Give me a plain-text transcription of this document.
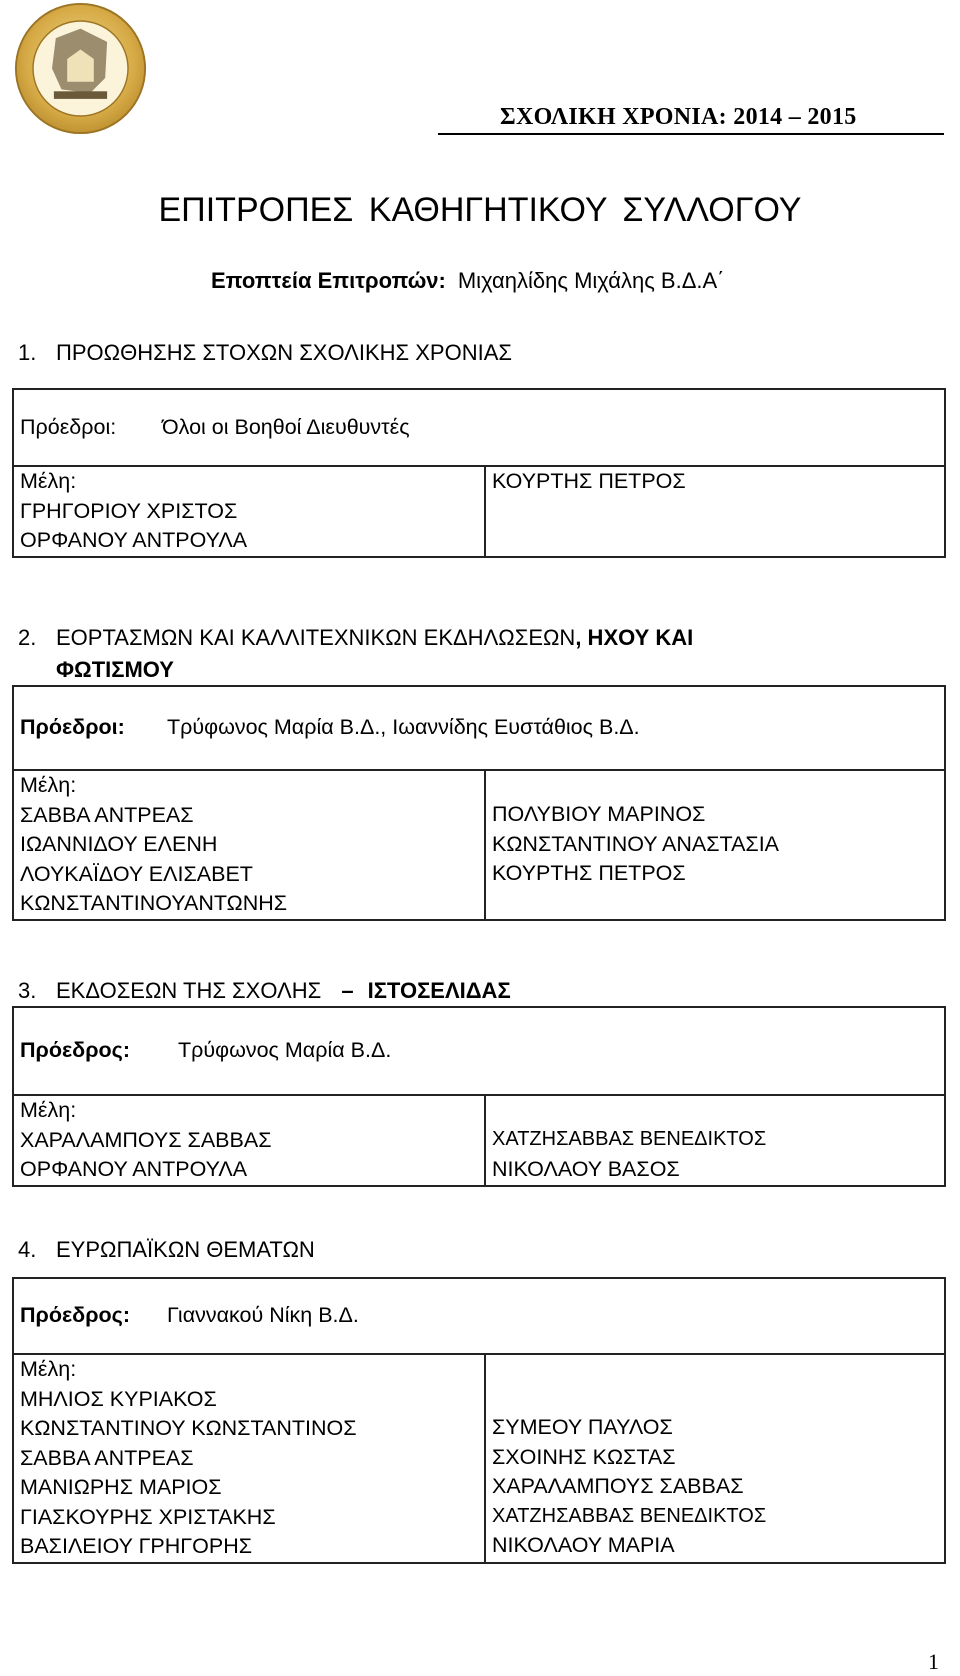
ΣΧΟΛΙΚΗ ΧΡΟΝΙΑ: 2014 – 2015
ΕΠΙΤΡΟΠΕΣ ΚΑΘΗΓΗΤΙΚΟΥ ΣΥΛΛΟΓΟΥ
Εποπτεία Επιτροπών: Μιχαηλίδης Μιχάλης Β.Δ.Α΄
1. ΠΡΟΩΘΗΣΗΣ ΣΤΟΧΩΝ ΣΧΟΛΙΚΗΣ ΧΡΟΝΙΑΣ
Πρόεδροι: Όλοι οι Βοηθοί Διευθυντές

Μέλη:
ΓΡΗΓΟΡΙΟΥ ΧΡΙΣΤΟΣ
ΟΡΦΑΝΟΥ ΑΝΤΡΟΥΛΑ

ΚΟΥΡΤΗΣ ΠΕΤΡΟΣ
2. ΕΟΡΤΑΣΜΩΝ ΚΑΙ ΚΑΛΛΙΤΕΧΝΙΚΩΝ ΕΚΔΗΛΩΣΕΩΝ, ΗΧΟΥ ΚΑΙ
ΦΩΤΙΣΜΟΥ
Πρόεδροι: Τρύφωνος Μαρία Β.Δ., Ιωαννίδης Ευστάθιος Β.Δ.

Μέλη:
ΣΑΒΒΑ ΑΝΤΡΕΑΣ
ΙΩΑΝΝΙΔΟΥ ΕΛΕΝΗ
ΛΟΥΚΑΪΔΟΥ ΕΛΙΣΑΒΕΤ
ΚΩΝΣΤΑΝΤΙΝΟΥΑΝΤΩΝΗΣ

ΠΟΛΥΒΙΟΥ ΜΑΡΙΝΟΣ
ΚΩΝΣΤΑΝΤΙΝΟΥ ΑΝΑΣΤΑΣΙΑ
ΚΟΥΡΤΗΣ ΠΕΤΡΟΣ
3. ΕΚΔΟΣΕΩΝ ΤΗΣ ΣΧΟΛΗΣ – ΙΣΤΟΣΕΛΙΔΑΣ
Πρόεδρος: Τρύφωνος Μαρία Β.Δ.

Μέλη:
ΧΑΡΑΛΑΜΠΟΥΣ ΣΑΒΒΑΣ
ΟΡΦΑΝΟΥ ΑΝΤΡΟΥΛΑ

ΧΑΤΖΗΣΑΒΒΑΣ ΒΕΝΕΔΙΚΤΟΣ
ΝΙΚΟΛΑΟΥ ΒΑΣΟΣ
4. ΕΥΡΩΠΑΪΚΩΝ ΘΕΜΑΤΩΝ
Πρόεδρος: Γιαννακού Νίκη Β.Δ.

Μέλη:
ΜΗΛΙΟΣ ΚΥΡΙΑΚΟΣ
ΚΩΝΣΤΑΝΤΙΝΟΥ ΚΩΝΣΤΑΝΤΙΝΟΣ
ΣΑΒΒΑ ΑΝΤΡΕΑΣ
ΜΑΝΙΩΡΗΣ ΜΑΡΙΟΣ
ΓΙΑΣΚΟΥΡΗΣ ΧΡΙΣΤΑΚΗΣ
ΒΑΣΙΛΕΙΟΥ ΓΡΗΓΟΡΗΣ

ΣΥΜΕΟΥ ΠΑΥΛΟΣ
ΣΧΟΙΝΗΣ ΚΩΣΤΑΣ
ΧΑΡΑΛΑΜΠΟΥΣ ΣΑΒΒΑΣ
ΧΑΤΖΗΣΑΒΒΑΣ ΒΕΝΕΔΙΚΤΟΣ
ΝΙΚΟΛΑΟΥ ΜΑΡΙΑ
1
